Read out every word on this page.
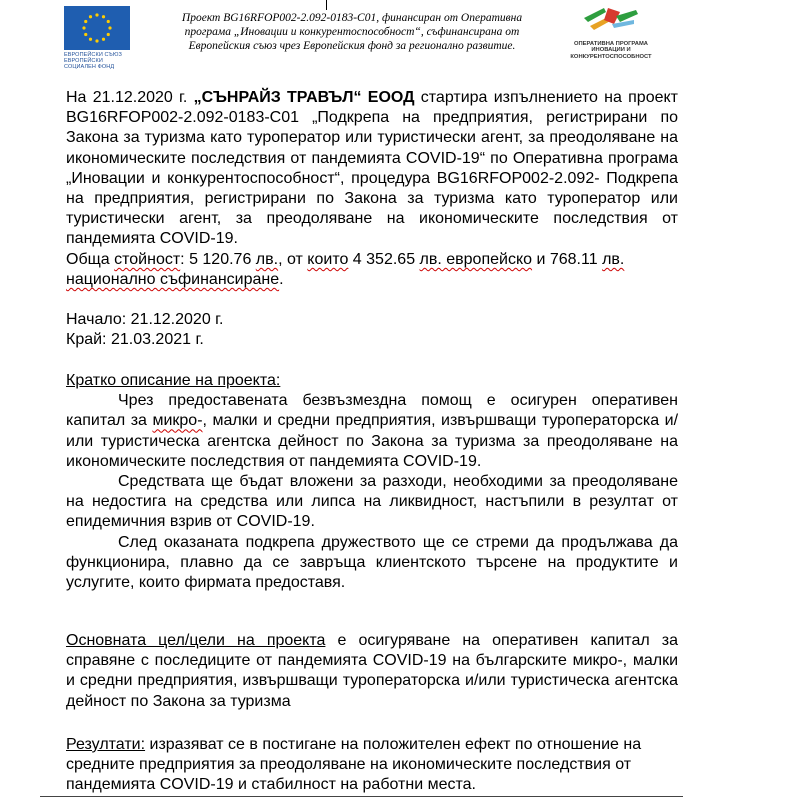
ЕВРОПЕЙСКИ СЪЮЗ
ЕВРОПЕЙСКИ
СОЦИАЛЕН ФОНД
Проект BG16RFOP002-2.092-0183-C01, финансиран от Оперативна програма „Иновации и конкурентоспособност“, съфинансирана от Европейския съюз чрез Европейския фонд за регионално развитие.	ОПЕРАТИВНА ПРОГРАМА
ИНОВАЦИИ И
КОНКУРЕНТОСПОСОБНОСТ
На 21.12.2020 г. „СЪНРАЙЗ ТРАВЪЛ“ ЕООД стартира изпълнението на проект BG16RFOP002-2.092-0183-C01 „Подкрепа на предприятия, регистрирани по Закона за туризма като туроператор или туристически агент, за преодоляване на икономическите последствия от пандемията COVID-19“ по Оперативна програма „Иновации и конкурентоспособност“, процедура BG16RFOP002-2.092- Подкрепа на предприятия, регистрирани по Закона за туризма като туроператор или туристически агент, за преодоляване на икономическите последствия от пандемията COVID-19.
Обща стойност: 5 120.76 лв., от които 4 352.65 лв. европейско и 768.11 лв. национално съфинансиране.

Начало: 21.12.2020 г.

Край: 21.03.2021 г.

Кратко описание на проекта:

Чрез предоставената безвъзмездна помощ е осигурен оперативен капитал за микро-, малки и средни предприятия, извършващи туроператорска и/или туристическа агентска дейност по Закона за туризма за преодоляване на икономическите последствия от пандемията COVID-19.

Средствата ще бъдат вложени за разходи, необходими за преодоляване на недостига на средства или липса на ликвидност, настъпили в резултат от епидемичния взрив от COVID-19.

След оказаната подкрепа дружеството ще се стреми да продължава да функционира, плавно да се завръща клиентското търсене на продуктите и услугите, които фирмата предоставя.

Основната цел/цели на проекта е осигуряване на оперативен капитал за справяне с последиците от пандемията COVID-19 на българските микро-, малки и средни предприятия, извършващи туроператорска и/или туристическа агентска дейност по Закона за туризма
Резултати: изразяват се в постигане на положителен ефект по отношение на средните предприятия за преодоляване на икономическите последствия от пандемията COVID-19 и стабилност на работни места.
